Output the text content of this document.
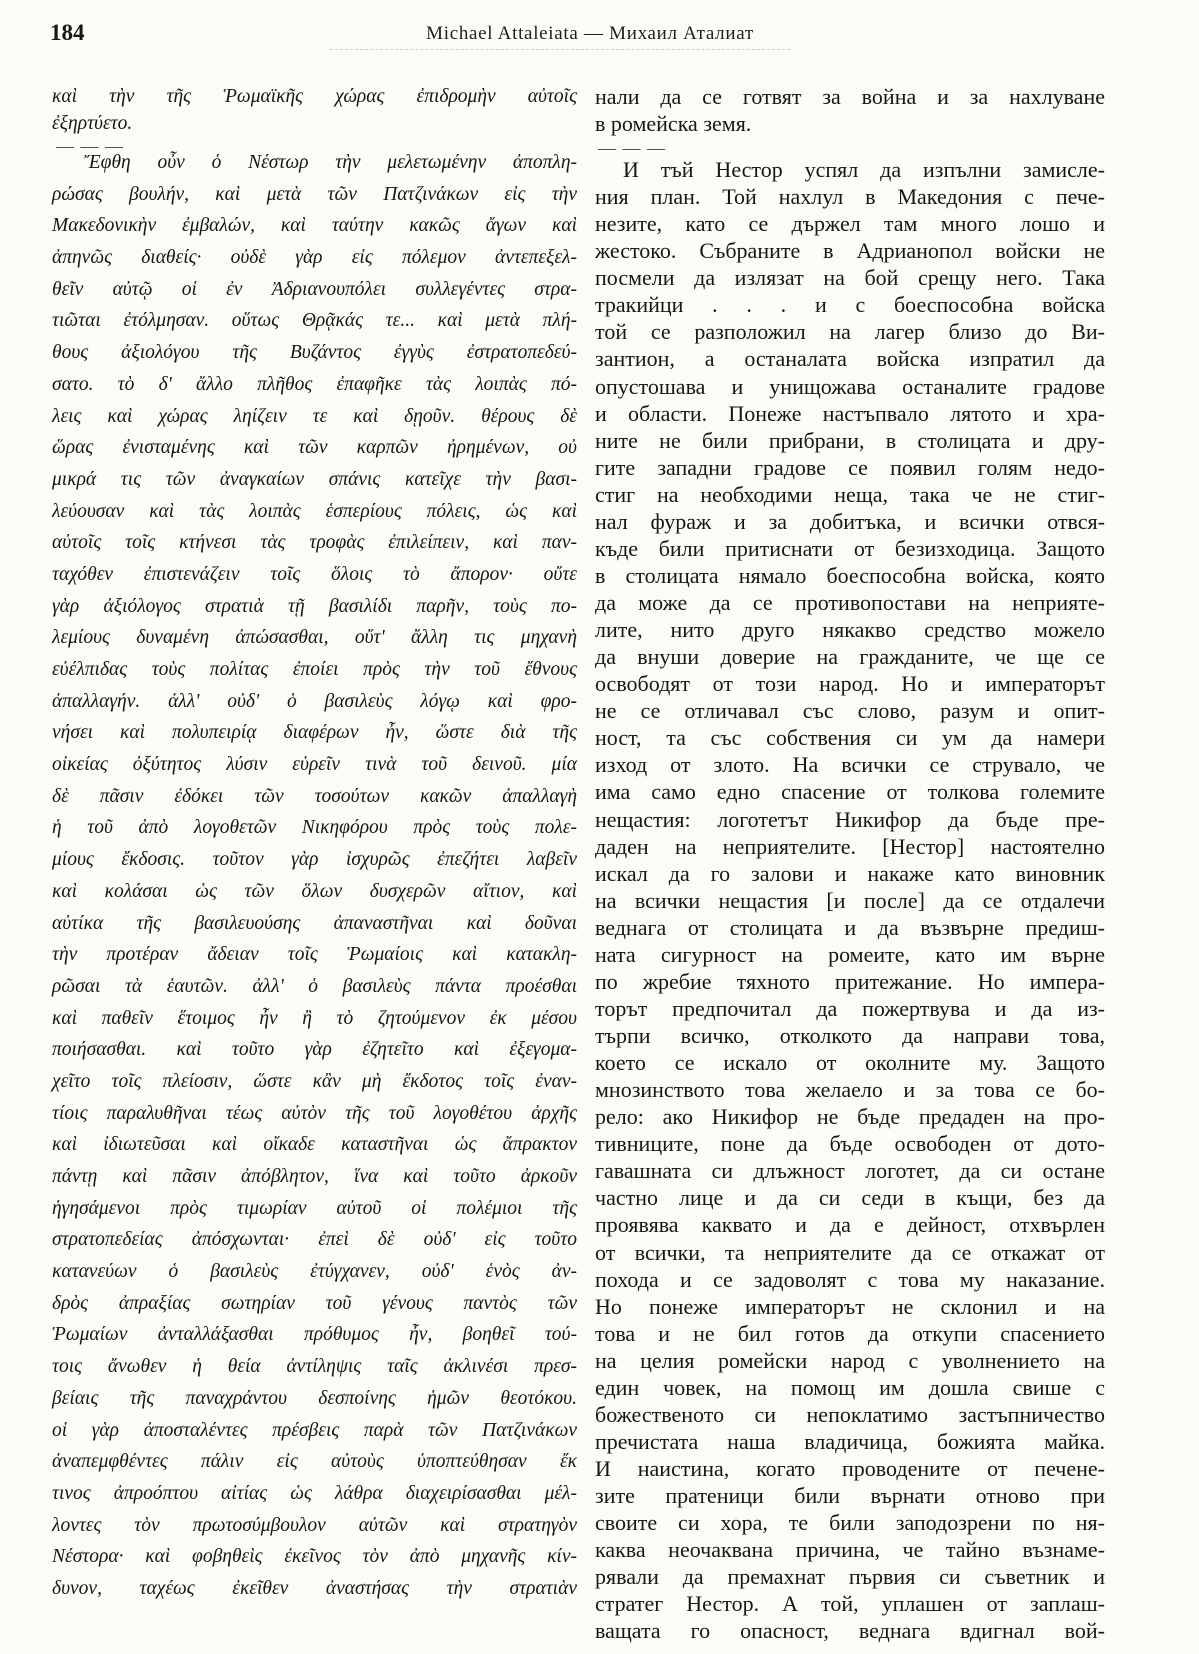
184	Michael Attaleiata — Михаил Аталиат
καὶ τὴν τῆς Ῥωμαϊκῆς χώρας ἐπιδρομὴν αὐτοῖς
ἐξηρτύετο.
— — —
Ἔφθη οὖν ὁ Νέστωρ τὴν μελετωμένην ἀποπλη-
ρώσας βουλήν, καὶ μετὰ τῶν Πατζινάκων εἰς τὴν
Μακεδονικὴν ἐμβαλών, καὶ ταύτην κακῶς ἄγων καὶ
ἀπηνῶς διαθείς· οὐδὲ γὰρ εἰς πόλεμον ἀντεπεξελ-
θεῖν αὐτῷ οἱ ἐν Ἀδριανουπόλει συλλεγέντες στρα-
τιῶται ἐτόλμησαν. οὕτως Θρᾷκάς τε... καὶ μετὰ πλή-
θους ἀξιολόγου τῆς Βυζάντος ἐγγὺς ἐστρατοπεδεύ-
σατο. τὸ δ' ἄλλο πλῆθος ἐπαφῆκε τὰς λοιπὰς πό-
λεις καὶ χώρας ληίζειν τε καὶ δῃοῦν. θέρους δὲ
ὥρας ἐνισταμένης καὶ τῶν καρπῶν ἠρημένων, οὐ
μικρά τις τῶν ἀναγκαίων σπάνις κατεῖχε τὴν βασι-
λεύουσαν καὶ τὰς λοιπὰς ἑσπερίους πόλεις, ὡς καὶ
αὐτοῖς τοῖς κτήνεσι τὰς τροφὰς ἐπιλείπειν, καὶ παν-
ταχόθεν ἐπιστενάζειν τοῖς ὅλοις τὸ ἄπορον· οὔτε
γὰρ ἀξιόλογος στρατιὰ τῇ βασιλίδι παρῆν, τοὺς πο-
λεμίους δυναμένη ἀπώσασθαι, οὔτ' ἄλλη τις μηχανὴ
εὐέλπιδας τοὺς πολίτας ἐποίει πρὸς τὴν τοῦ ἔθνους
ἀπαλλαγήν. ἀλλ' οὐδ' ὁ βασιλεὺς λόγῳ καὶ φρο-
νήσει καὶ πολυπειρίᾳ διαφέρων ἦν, ὥστε διὰ τῆς
οἰκείας ὀξύτητος λύσιν εὑρεῖν τινὰ τοῦ δεινοῦ. μία
δὲ πᾶσιν ἐδόκει τῶν τοσούτων κακῶν ἀπαλλαγὴ
ἡ τοῦ ἀπὸ λογοθετῶν Νικηφόρου πρὸς τοὺς πολε-
μίους ἔκδοσις. τοῦτον γὰρ ἰσχυρῶς ἐπεζήτει λαβεῖν
καὶ κολάσαι ὡς τῶν ὅλων δυσχερῶν αἴτιον, καὶ
αὐτίκα τῆς βασιλευούσης ἀπαναστῆναι καὶ δοῦναι
τὴν προτέραν ἄδειαν τοῖς Ῥωμαίοις καὶ κατακλη-
ρῶσαι τὰ ἑαυτῶν. ἀλλ' ὁ βασιλεὺς πάντα προέσθαι
καὶ παθεῖν ἕτοιμος ἦν ἢ τὸ ζητούμενον ἐκ μέσου
ποιήσασθαι. καὶ τοῦτο γὰρ ἐζητεῖτο καὶ ἐξεγομα-
χεῖτο τοῖς πλείοσιν, ὥστε κἂν μὴ ἔκδοτος τοῖς ἐναν-
τίοις παραλυθῆναι τέως αὐτὸν τῆς τοῦ λογοθέτου ἀρχῆς
καὶ ἰδιωτεῦσαι καὶ οἴκαδε καταστῆναι ὡς ἄπρακτον
πάντῃ καὶ πᾶσιν ἀπόβλητον, ἵνα καὶ τοῦτο ἀρκοῦν
ἡγησάμενοι πρὸς τιμωρίαν αὐτοῦ οἱ πολέμιοι τῆς
στρατοπεδείας ἀπόσχωνται· ἐπεὶ δὲ οὐδ' εἰς τοῦτο
κατανεύων ὁ βασιλεὺς ἐτύγχανεν, οὐδ' ἑνὸς ἀν-
δρὸς ἀπραξίας σωτηρίαν τοῦ γένους παντὸς τῶν
Ῥωμαίων ἀνταλλάξασθαι πρόθυμος ἦν, βοηθεῖ τού-
τοις ἄνωθεν ἡ θεία ἀντίληψις ταῖς ἀκλινέσι πρεσ-
βείαις τῆς παναχράντου δεσποίνης ἡμῶν θεοτόκου.
οἱ γὰρ ἀποσταλέντες πρέσβεις παρὰ τῶν Πατζινάκων
ἀναπεμφθέντες πάλιν εἰς αὐτοὺς ὑποπτεύθησαν ἔκ
τινος ἀπροόπτου αἰτίας ὡς λάθρα διαχειρίσασθαι μέλ-
λοντες τὸν πρωτοσύμβουλον αὐτῶν καὶ στρατηγὸν
Νέστορα· καὶ φοβηθεὶς ἐκεῖνος τὸν ἀπὸ μηχανῆς κίν-
δυνον, ταχέως ἐκεῖθεν ἀναστήσας τὴν στρατιὰν
нали да се готвят за война и за нахлуване
в ромейска земя.
— — —
И тъй Нестор успял да изпълни замисле-
ния план. Той нахлул в Македония с пече-
незите, като се държел там много лошо и
жестоко. Събраните в Адрианопол войски не
посмели да излязат на бой срещу него. Така
тракийци . . . и с боеспособна войска
той се разположил на лагер близо до Ви-
зантион, а останалата войска изпратил да
опустошава и унищожава останалите градове
и области. Понеже настъпвало лятото и хра-
ните не били прибрани, в столицата и дру-
гите западни градове се появил голям недо-
стиг на необходими неща, така че не стиг-
нал фураж и за добитъка, и всички отвся-
къде били притиснати от безизходица. Защото
в столицата нямало боеспособна войска, която
да може да се противопостави на неприяте-
лите, нито друго някакво средство можело
да внуши доверие на гражданите, че ще се
освободят от този народ. Но и императорът
не се отличавал със слово, разум и опит-
ност, та със собствения си ум да намери
изход от злото. На всички се струвало, че
има само едно спасение от толкова големите
нещастия: логотетът Никифор да бъде пре-
даден на неприятелите. [Нестор] настоятелно
искал да го залови и накаже като виновник
на всички нещастия [и после] да се отдалечи
веднага от столицата и да възвърне предиш-
ната сигурност на ромеите, като им върне
по жребие тяхното притежание. Но импера-
торът предпочитал да пожертвува и да из-
търпи всичко, отколкото да направи това,
което се искало от околните му. Защото
мнозинството това желаело и за това се бо-
рело: ако Никифор не бъде предаден на про-
тивниците, поне да бъде освободен от дото-
гавашната си длъжност логотет, да си остане
частно лице и да си седи в къщи, без да
проявява каквато и да е дейност, отхвърлен
от всички, та неприятелите да се откажат от
похода и се задоволят с това му наказание.
Но понеже императорът не склонил и на
това и не бил готов да откупи спасението
на целия ромейски народ с уволнението на
един човек, на помощ им дошла свише с
божественото си непоклатимо застъпничество
пречистата наша владичица, божията майка.
И наистина, когато проводените от печене-
зите пратеници били върнати отново при
своите си хора, те били заподозрени по ня-
каква неочаквана причина, че тайно възнаме-
рявали да премахнат първия си съветник и
стратег Нестор. А той, уплашен от заплаш-
ващата го опасност, веднага вдигнал вой-
